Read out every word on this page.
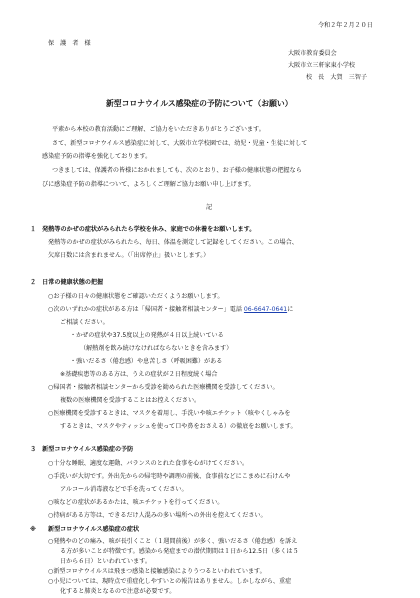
令和２年２月２０日
保　護　者　様
大阪市教育委員会
大阪市立三軒家東小学校
校　長　大賀　三智子
新型コロナウイルス感染症の予防について（お願い）
平素から本校の教育活動にご理解、ご協力をいただきありがとうございます。
さて、新型コロナウイルス感染症に対して、大阪市立学校園では、幼児・児童・生徒に対して
感染症予防の指導を強化しております。
つきましては、保護者の皆様におかれましても、次のとおり、お子様の健康状態の把握なら
びに感染症予防の指導について、よろしくご理解ご協力お願い申し上げます。
記
１　発熱等のかぜの症状がみられたら学校を休み、家庭での休養をお願いします。
発熱等のかぜの症状がみられたら、毎日、体温を測定して記録をしてください。この場合、
欠席日数には含まれません。（「出席停止」扱いとします。）
２　日常の健康状態の把握
○お子様の日々の健康状態をご確認いただくようお願いします。
○次のいずれかの症状がある方は「帰国者・接触者相談センター」電話 06-6647-0641に
ご相談ください。
・かぜの症状や37.5度以上の発熱が４日以上続いている
（解熱剤を飲み続けなければならないときを含みます）
・強いだるさ（倦怠感）や息苦しさ（呼吸困難）がある
※基礎疾患等のある方は、うえの症状が２日程度続く場合
○帰国者・接触者相談センターから受診を勧められた医療機関を受診してください。
複数の医療機関を受診することはお控えください。
○医療機関を受診するときは、マスクを着用し、手洗いや咳エチケット（咳やくしゃみを
するときは、マスクやティッシュを使って口や鼻をおさえる）の徹底をお願いします。
３　新型コロナウイルス感染症の予防
○十分な睡眠、適度な運動、バランスのとれた食事を心がけてください。
○手洗いが大切です。外出先からの帰宅時や調理の前後、食事前などにこまめに石けんや
アルコール消毒液などで手を洗ってください。
○咳などの症状があるかたは、咳エチケットを行ってください。
○持病がある方等は、できるだけ人混みの多い場所への外出を控えてください。
※ 新型コロナウイルス感染症の症状
○発熱やのどの痛み、咳が長引くこと（１週間前後）が多く、強いだるさ（倦怠感）を訴え
る方が多いことが特徴です。感染から発症までの潜伏期間は１日から12.5日（多くは５
日から６日）といわれています。
○新型コロナウイルスは飛まつ感染と接触感染によりうつるといわれています。
○小児については、現時点で重症化しやすいとの報告はありません。しかしながら、重症
化すると肺炎となるので注意が必要です。
